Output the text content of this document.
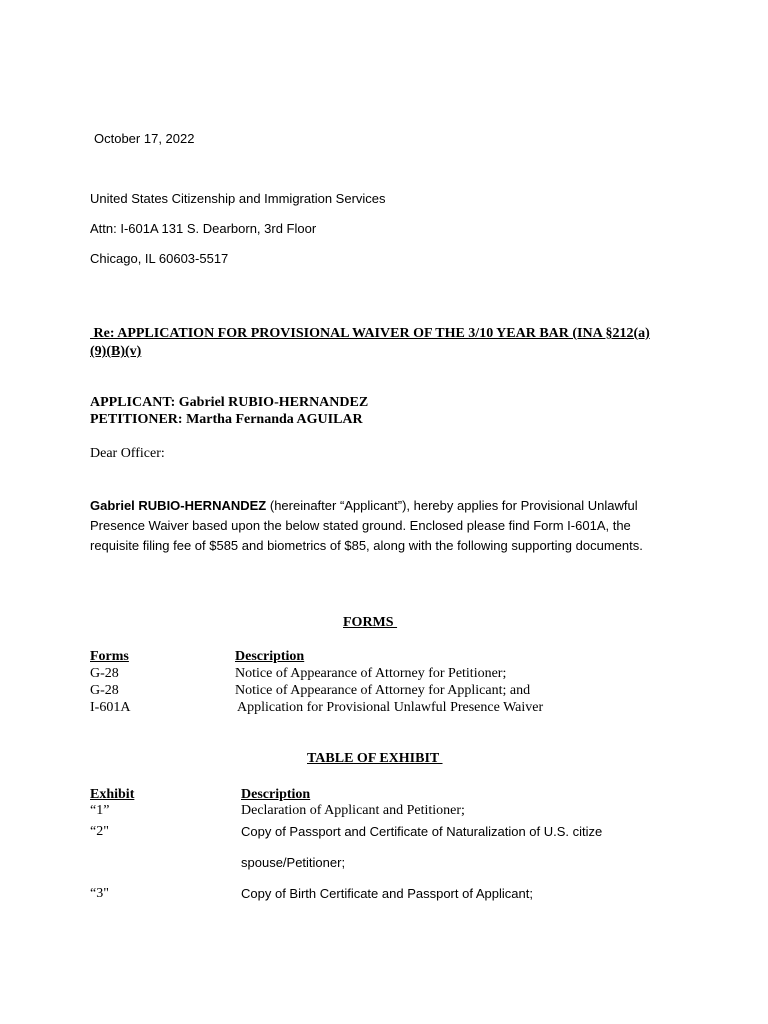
October 17, 2022
United States Citizenship and Immigration Services
Attn: I-601A 131 S. Dearborn, 3rd Floor
Chicago, IL 60603-5517
Re: APPLICATION FOR PROVISIONAL WAIVER OF THE 3/10 YEAR BAR (INA §212(a)
(9)(B)(v)
APPLICANT: Gabriel RUBIO-HERNANDEZ
PETITIONER: Martha Fernanda AGUILAR
Dear Officer:
Gabriel RUBIO-HERNANDEZ (hereinafter “Applicant”), hereby applies for Provisional Unlawful
Presence Waiver based upon the below stated ground. Enclosed please find Form I-601A, the
requisite filing fee of $585 and biometrics of $85, along with the following supporting documents.
FORMS
Forms	Description
G-28	Notice of Appearance of Attorney for Petitioner;
G-28	Notice of Appearance of Attorney for Applicant; and
I-601A	Application for Provisional Unlawful Presence Waiver
TABLE OF EXHIBIT
Exhibit	Description
“1”	Declaration of Applicant and Petitioner;
“2"	Copy of Passport and Certificate of Naturalization of U.S. citize
spouse/Petitioner;
“3"	Copy of Birth Certificate and Passport of Applicant;
